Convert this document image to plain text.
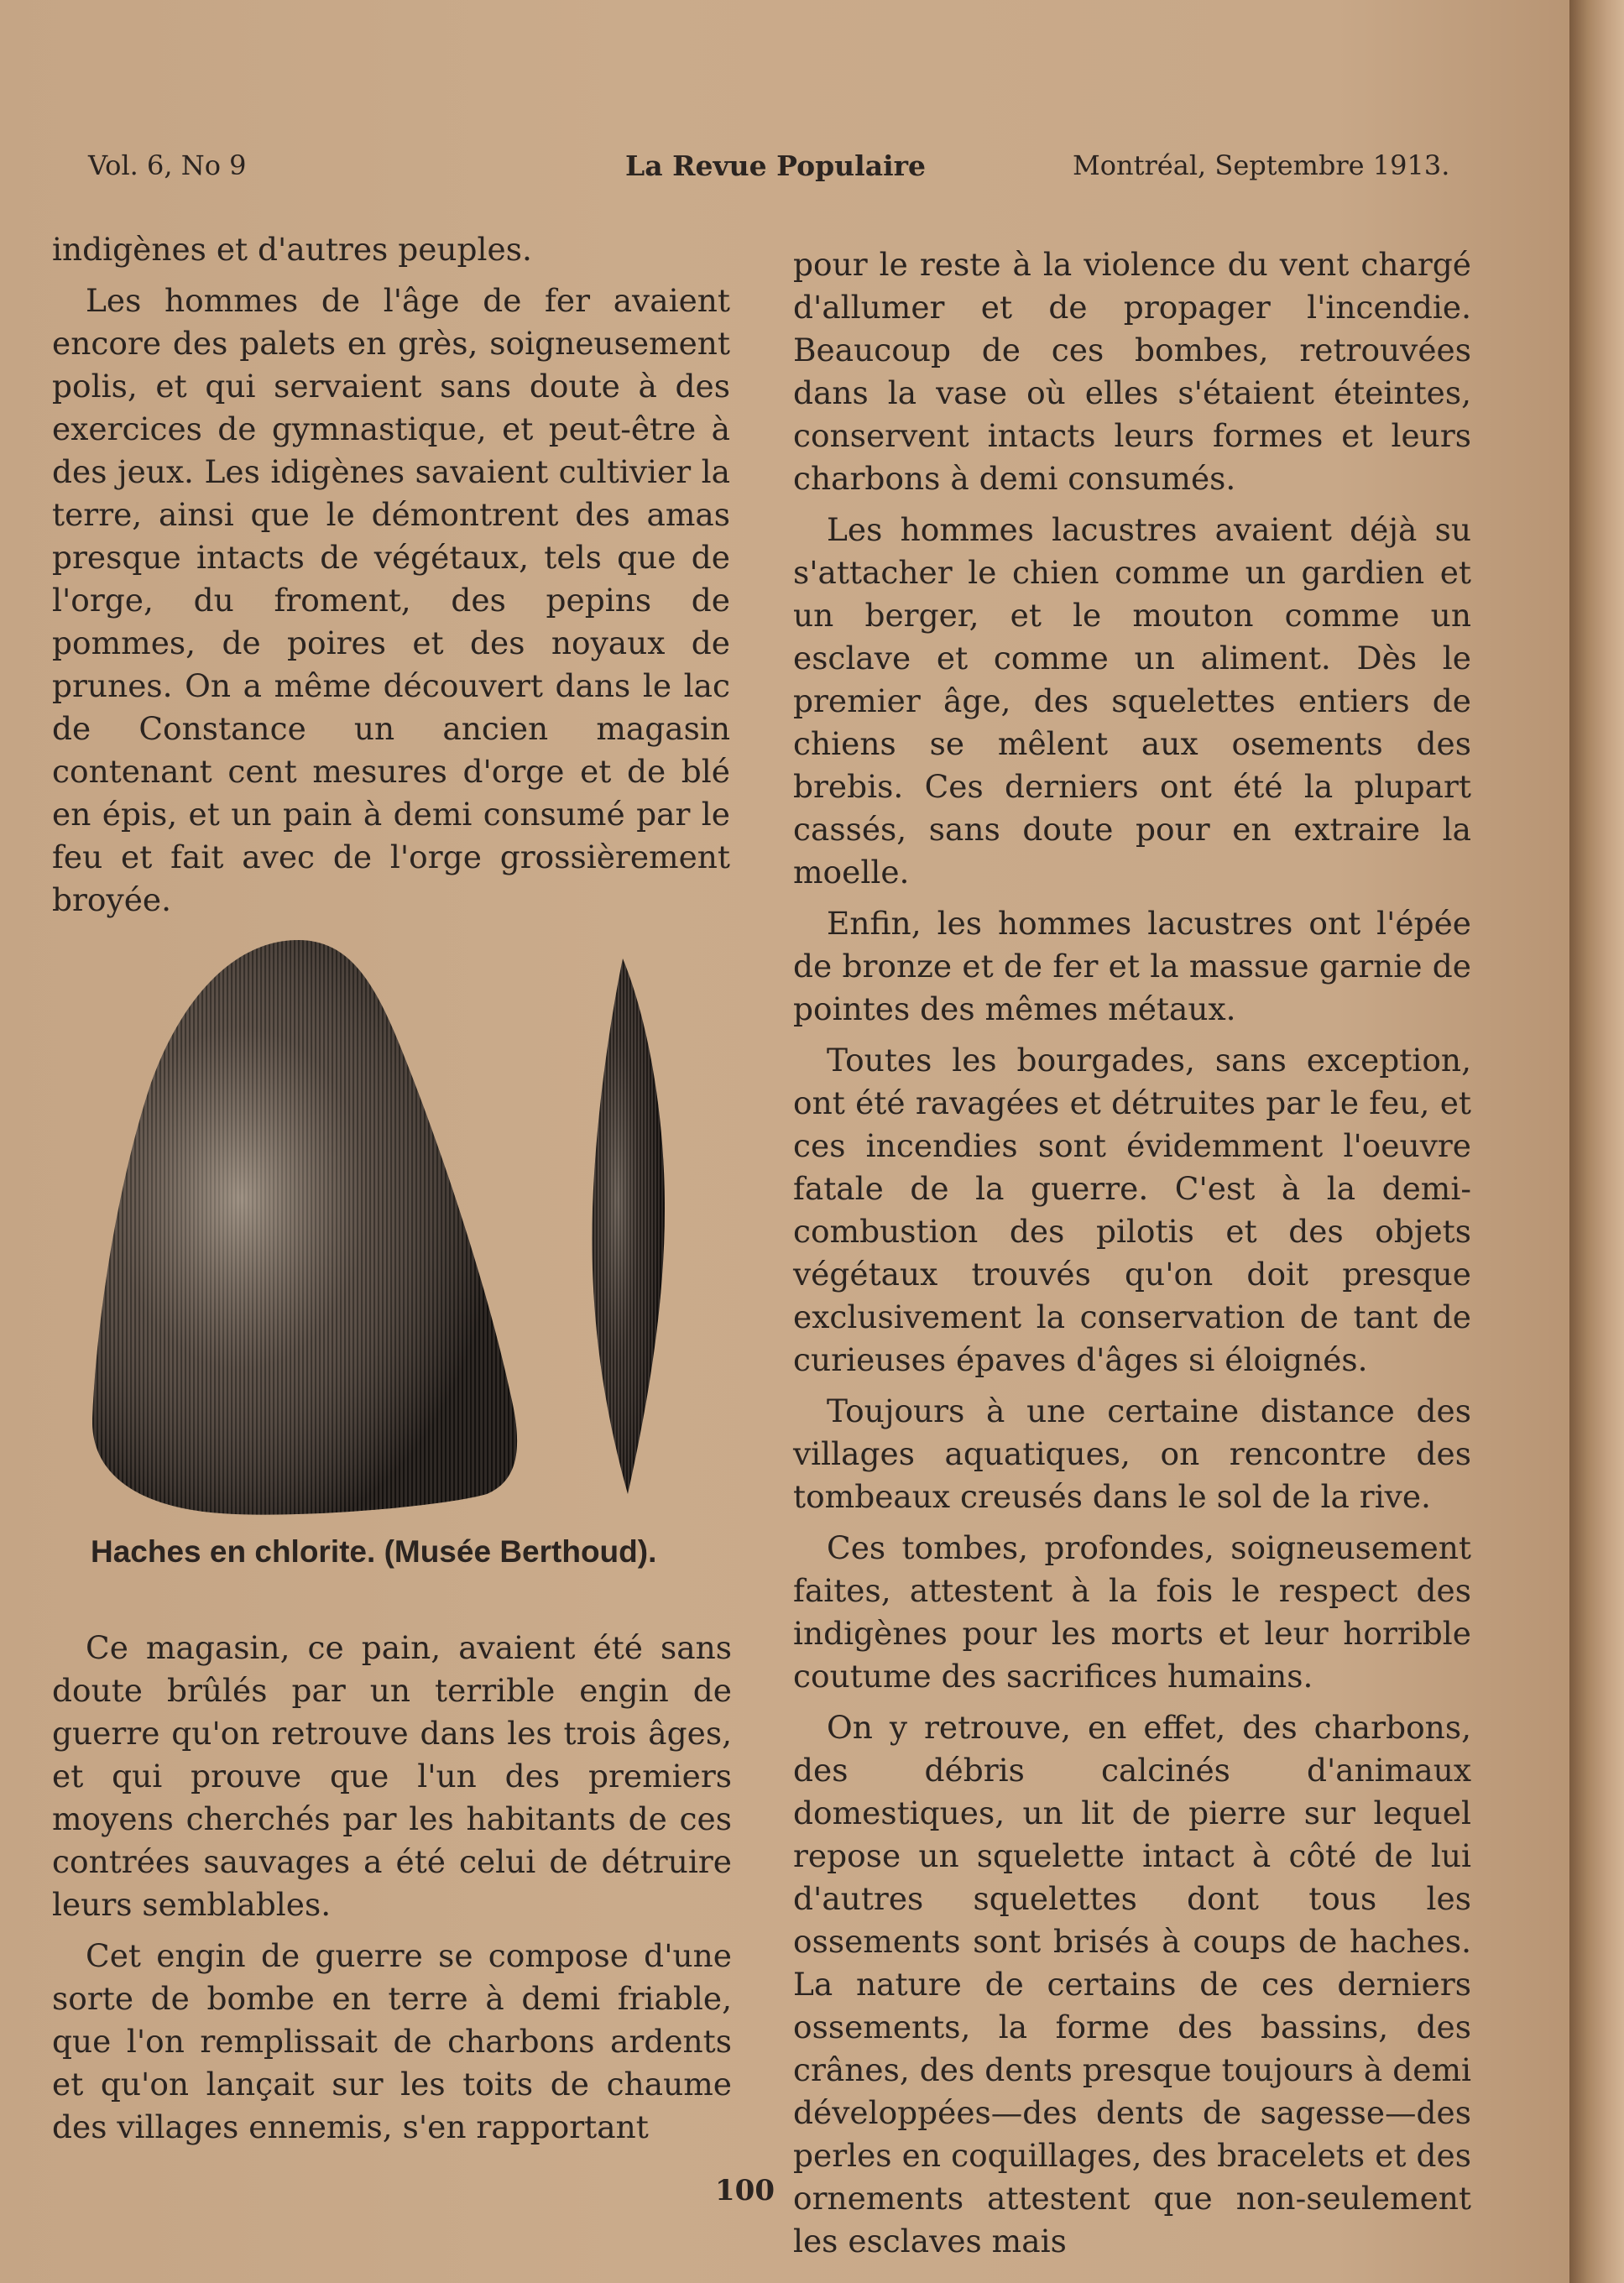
Vol. 6, No 9	La Revue Populaire	Montréal, Septembre 1913.

indigènes et d'autres peuples.

Les hommes de l'âge de fer avaient encore des palets en grès, soigneusement polis, et qui servaient sans doute à des exercices de gymnastique, et peut-être à des jeux. Les idigènes savaient cultivier la terre, ainsi que le démontrent des amas presque intacts de végétaux, tels que de l'orge, du froment, des pepins de pommes, de poires et des noyaux de prunes. On a même découvert dans le lac de Constance un ancien magasin contenant cent mesures d'orge et de blé en épis, et un pain à demi consumé par le feu et fait avec de l'orge grossièrement broyée.

Haches en chlorite. (Musée Berthoud).

Ce magasin, ce pain, avaient été sans doute brûlés par un terrible engin de guerre qu'on retrouve dans les trois âges, et qui prouve que l'un des premiers moyens cherchés par les habitants de ces contrées sauvages a été celui de détruire leurs semblables.

Cet engin de guerre se compose d'une sorte de bombe en terre à demi friable, que l'on remplissait de charbons ardents et qu'on lançait sur les toits de chaume des villages ennemis, s'en rapportant

pour le reste à la violence du vent chargé d'allumer et de propager l'incendie. Beaucoup de ces bombes, retrouvées dans la vase où elles s'étaient éteintes, conservent intacts leurs formes et leurs charbons à demi consumés.

Les hommes lacustres avaient déjà su s'attacher le chien comme un gardien et un berger, et le mouton comme un esclave et comme un aliment. Dès le premier âge, des squelettes entiers de chiens se mêlent aux osements des brebis. Ces derniers ont été la plupart cassés, sans doute pour en extraire la moelle.

Enfin, les hommes lacustres ont l'épée de bronze et de fer et la massue garnie de pointes des mêmes métaux.

Toutes les bourgades, sans exception, ont été ravagées et détruites par le feu, et ces incendies sont évidemment l'oeuvre fatale de la guerre. C'est à la demi-combustion des pilotis et des objets végétaux trouvés qu'on doit presque exclusivement la conservation de tant de curieuses épaves d'âges si éloignés.

Toujours à une certaine distance des villages aquatiques, on rencontre des tombeaux creusés dans le sol de la rive.

Ces tombes, profondes, soigneusement faites, attestent à la fois le respect des indigènes pour les morts et leur horrible coutume des sacrifices humains.

On y retrouve, en effet, des charbons, des débris calcinés d'animaux domestiques, un lit de pierre sur lequel repose un squelette intact à côté de lui d'autres squelettes dont tous les ossements sont brisés à coups de haches. La nature de certains de ces derniers ossements, la forme des bassins, des crânes, des dents presque toujours à demi développées—des dents de sagesse—des perles en coquillages, des bracelets et des ornements attestent que non-seulement les esclaves mais

100
